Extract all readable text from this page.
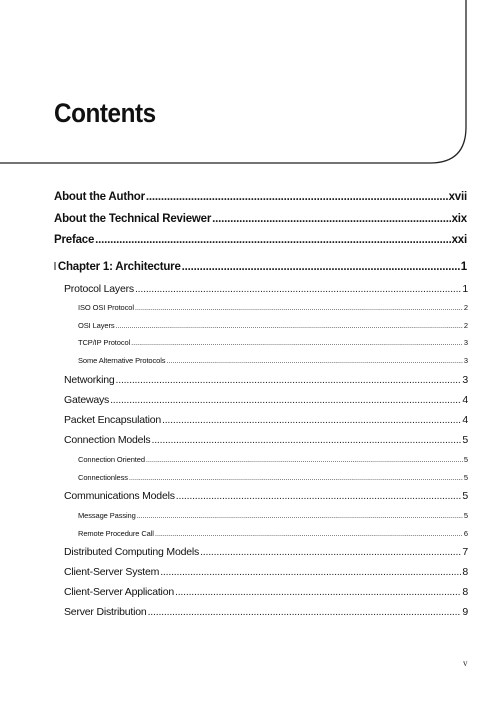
Contents
About the Author .....	xvii
About the Technical Reviewer .....	xix
Preface .....	xxi
Chapter 1: Architecture .....	1
Protocol Layers .....	1
ISO OSI Protocol .....	2
OSI Layers .....	2
TCP/IP Protocol .....	3
Some Alternative Protocols .....	3
Networking .....	3
Gateways .....	4
Packet Encapsulation .....	4
Connection Models .....	5
Connection Oriented .....	5
Connectionless .....	5
Communications Models .....	5
Message Passing .....	5
Remote Procedure Call .....	6
Distributed Computing Models .....	7
Client-Server System .....	8
Client-Server Application .....	8
Server Distribution .....	9

v
